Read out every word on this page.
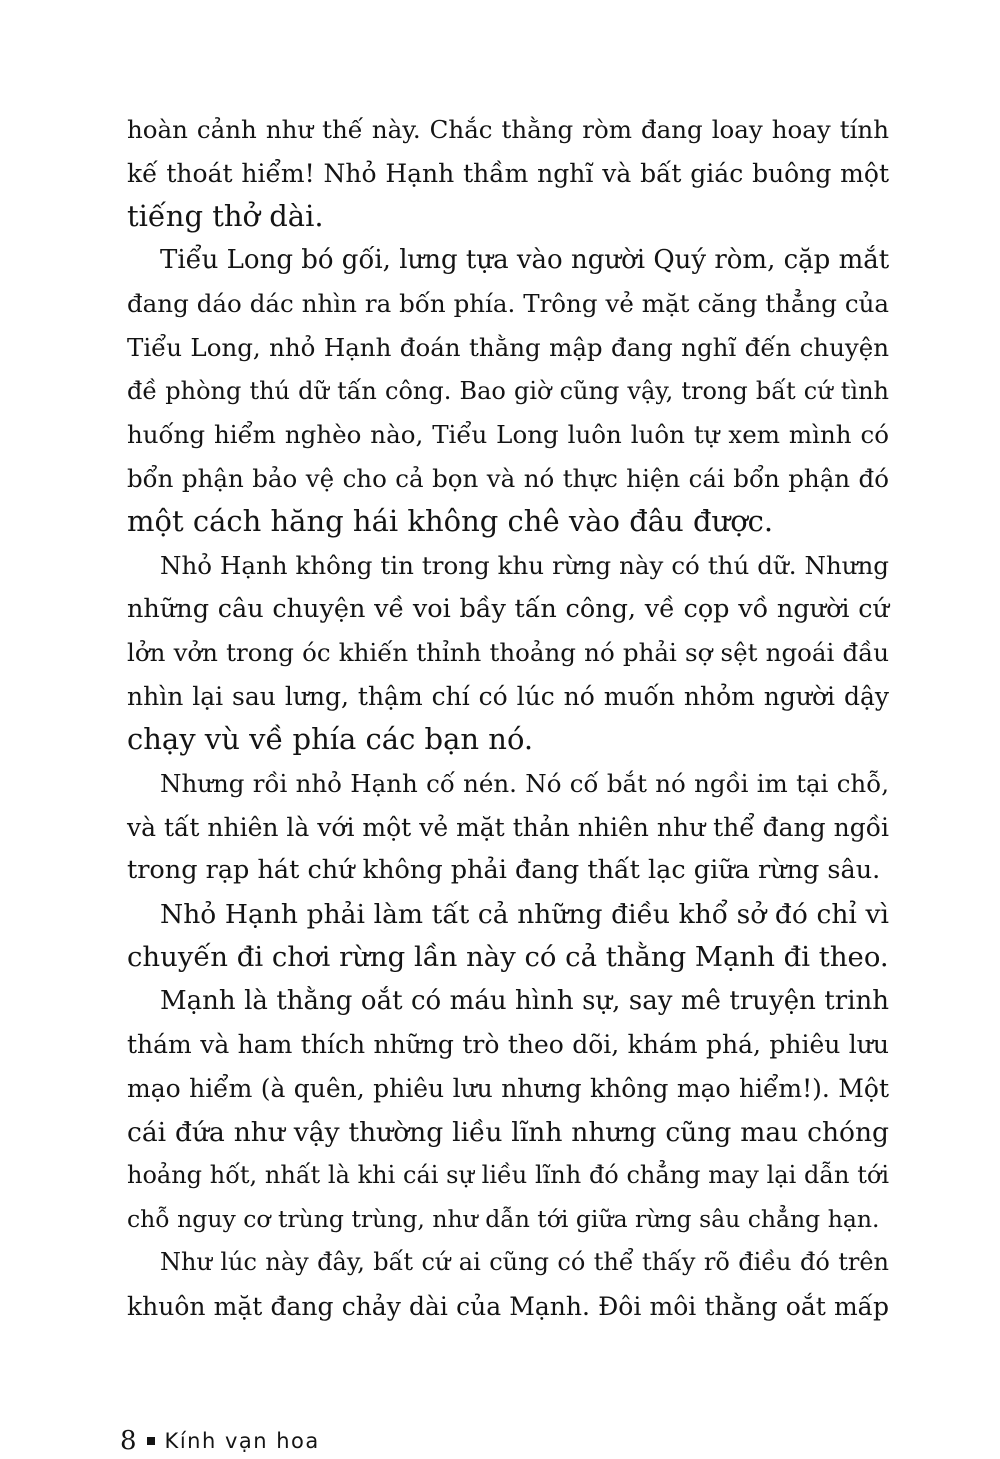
hoàn cảnh như thế này. Chắc thằng ròm đang loay hoay tính
kế thoát hiểm! Nhỏ Hạnh thầm nghĩ và bất giác buông một
tiếng thở dài.
Tiểu Long bó gối, lưng tựa vào người Quý ròm, cặp mắt
đang dáo dác nhìn ra bốn phía. Trông vẻ mặt căng thẳng của
Tiểu Long, nhỏ Hạnh đoán thằng mập đang nghĩ đến chuyện
đề phòng thú dữ tấn công. Bao giờ cũng vậy, trong bất cứ tình
huống hiểm nghèo nào, Tiểu Long luôn luôn tự xem mình có
bổn phận bảo vệ cho cả bọn và nó thực hiện cái bổn phận đó
một cách hăng hái không chê vào đâu được.
Nhỏ Hạnh không tin trong khu rừng này có thú dữ. Nhưng
những câu chuyện về voi bầy tấn công, về cọp vồ người cứ
lởn vởn trong óc khiến thỉnh thoảng nó phải sợ sệt ngoái đầu
nhìn lại sau lưng, thậm chí có lúc nó muốn nhỏm người dậy
chạy vù về phía các bạn nó.
Nhưng rồi nhỏ Hạnh cố nén. Nó cố bắt nó ngồi im tại chỗ,
và tất nhiên là với một vẻ mặt thản nhiên như thể đang ngồi
trong rạp hát chứ không phải đang thất lạc giữa rừng sâu.
Nhỏ Hạnh phải làm tất cả những điều khổ sở đó chỉ vì
chuyến đi chơi rừng lần này có cả thằng Mạnh đi theo.
Mạnh là thằng oắt có máu hình sự, say mê truyện trinh
thám và ham thích những trò theo dõi, khám phá, phiêu lưu
mạo hiểm (à quên, phiêu lưu nhưng không mạo hiểm!). Một
cái đứa như vậy thường liều lĩnh nhưng cũng mau chóng
hoảng hốt, nhất là khi cái sự liều lĩnh đó chẳng may lại dẫn tới
chỗ nguy cơ trùng trùng, như dẫn tới giữa rừng sâu chẳng hạn.
Như lúc này đây, bất cứ ai cũng có thể thấy rõ điều đó trên
khuôn mặt đang chảy dài của Mạnh. Đôi môi thằng oắt mấp
8 Kính vạn hoa
